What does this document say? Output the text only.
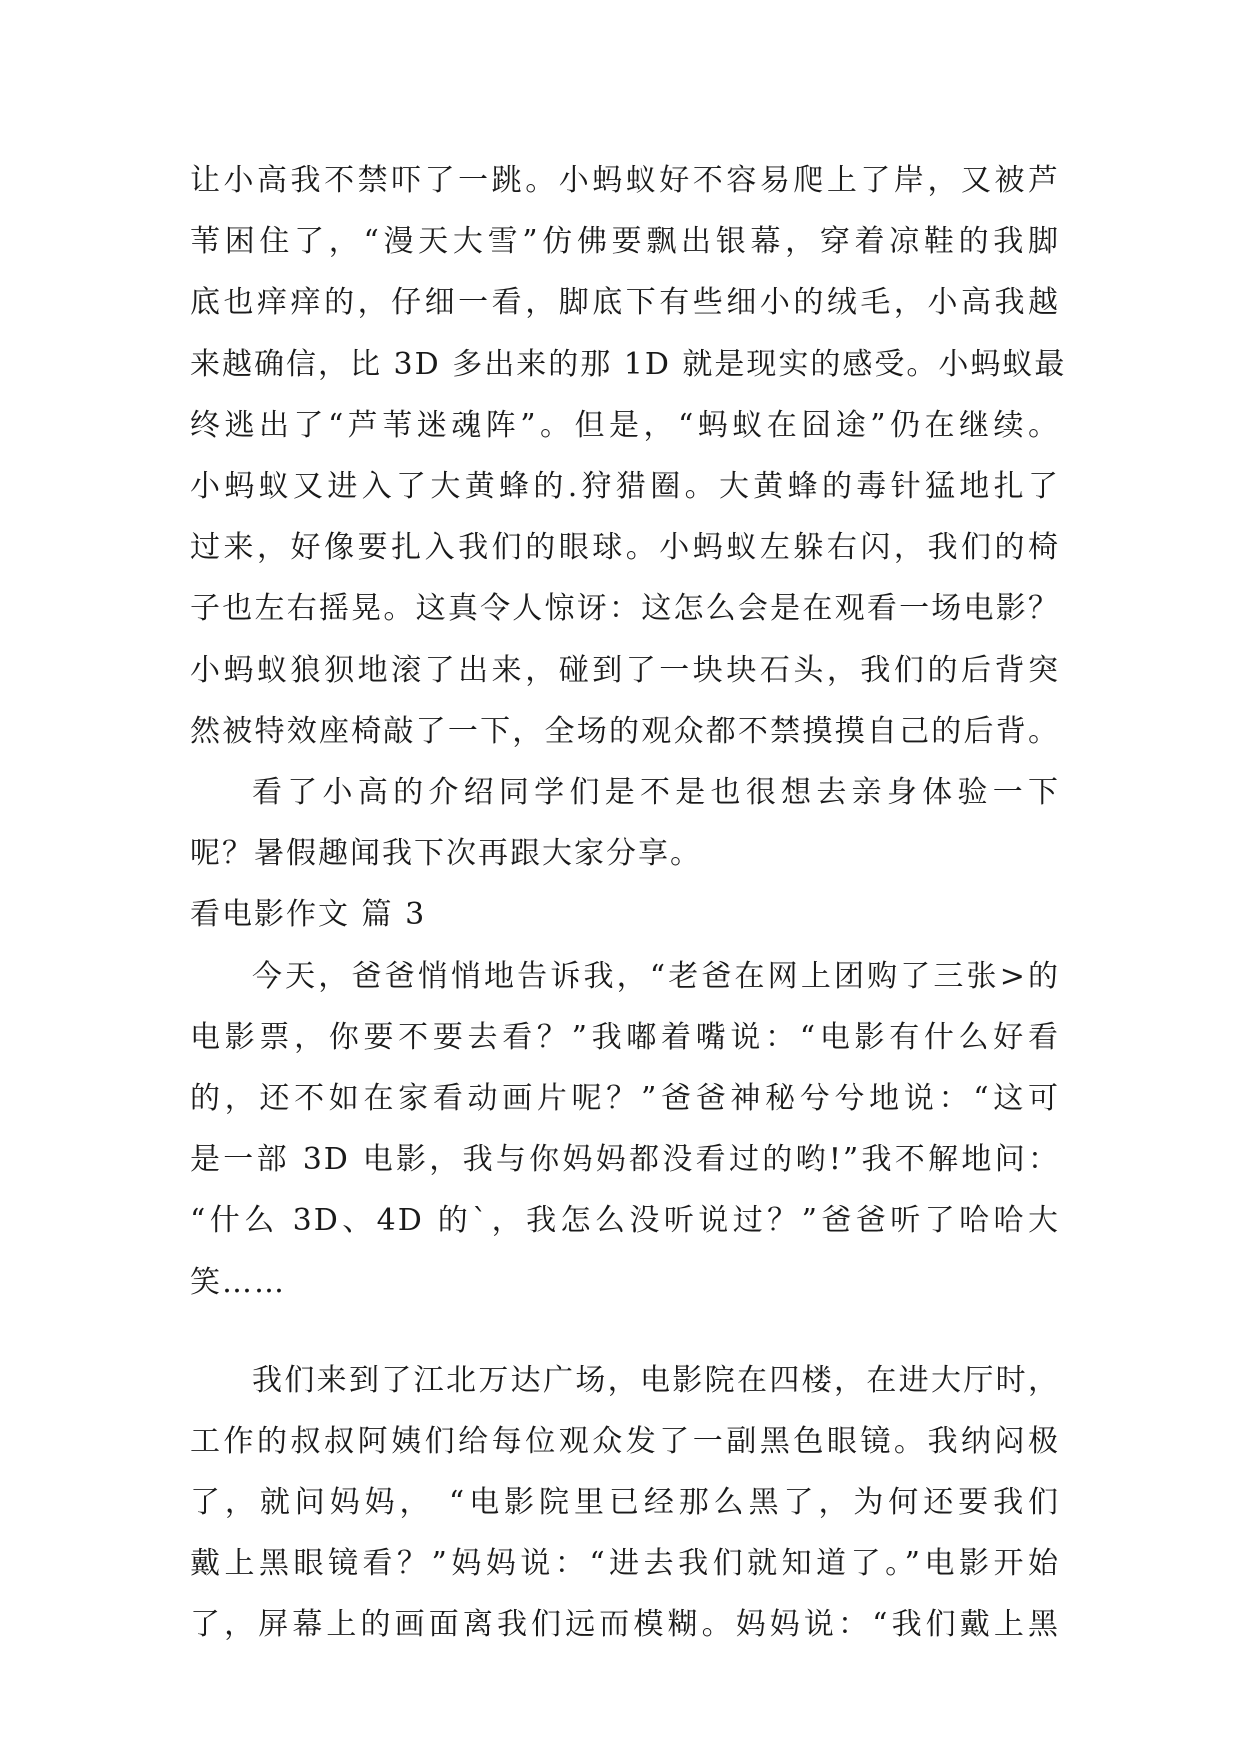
让小高我不禁吓了一跳。小蚂蚁好不容易爬上了岸，又被芦
苇困住了，“漫天大雪”仿佛要飘出银幕，穿着凉鞋的我脚
底也痒痒的，仔细一看，脚底下有些细小的绒毛，小高我越
来越确信，比 3D 多出来的那 1D 就是现实的感受。小蚂蚁最
终逃出了“芦苇迷魂阵”。但是，“蚂蚁在囧途”仍在继续。
小蚂蚁又进入了大黄蜂的.狩猎圈。大黄蜂的毒针猛地扎了
过来，好像要扎入我们的眼球。小蚂蚁左躲右闪，我们的椅
子也左右摇晃。这真令人惊讶：这怎么会是在观看一场电影？
小蚂蚁狼狈地滚了出来，碰到了一块块石头，我们的后背突
然被特效座椅敲了一下，全场的观众都不禁摸摸自己的后背。
看了小高的介绍同学们是不是也很想去亲身体验一下
呢？暑假趣闻我下次再跟大家分享。
看电影作文 篇 3
今天，爸爸悄悄地告诉我，“老爸在网上团购了三张>的
电影票，你要不要去看？”我嘟着嘴说：“电影有什么好看
的，还不如在家看动画片呢？”爸爸神秘兮兮地说：“这可
是一部 3D 电影，我与你妈妈都没看过的哟!”我不解地问：
“什么 3D、4D 的`，我怎么没听说过？”爸爸听了哈哈大
笑……
我们来到了江北万达广场，电影院在四楼，在进大厅时，
工作的叔叔阿姨们给每位观众发了一副黑色眼镜。我纳闷极
了，就问妈妈， “电影院里已经那么黑了，为何还要我们
戴上黑眼镜看？”妈妈说：“进去我们就知道了。”电影开始
了，屏幕上的画面离我们远而模糊。妈妈说：“我们戴上黑
